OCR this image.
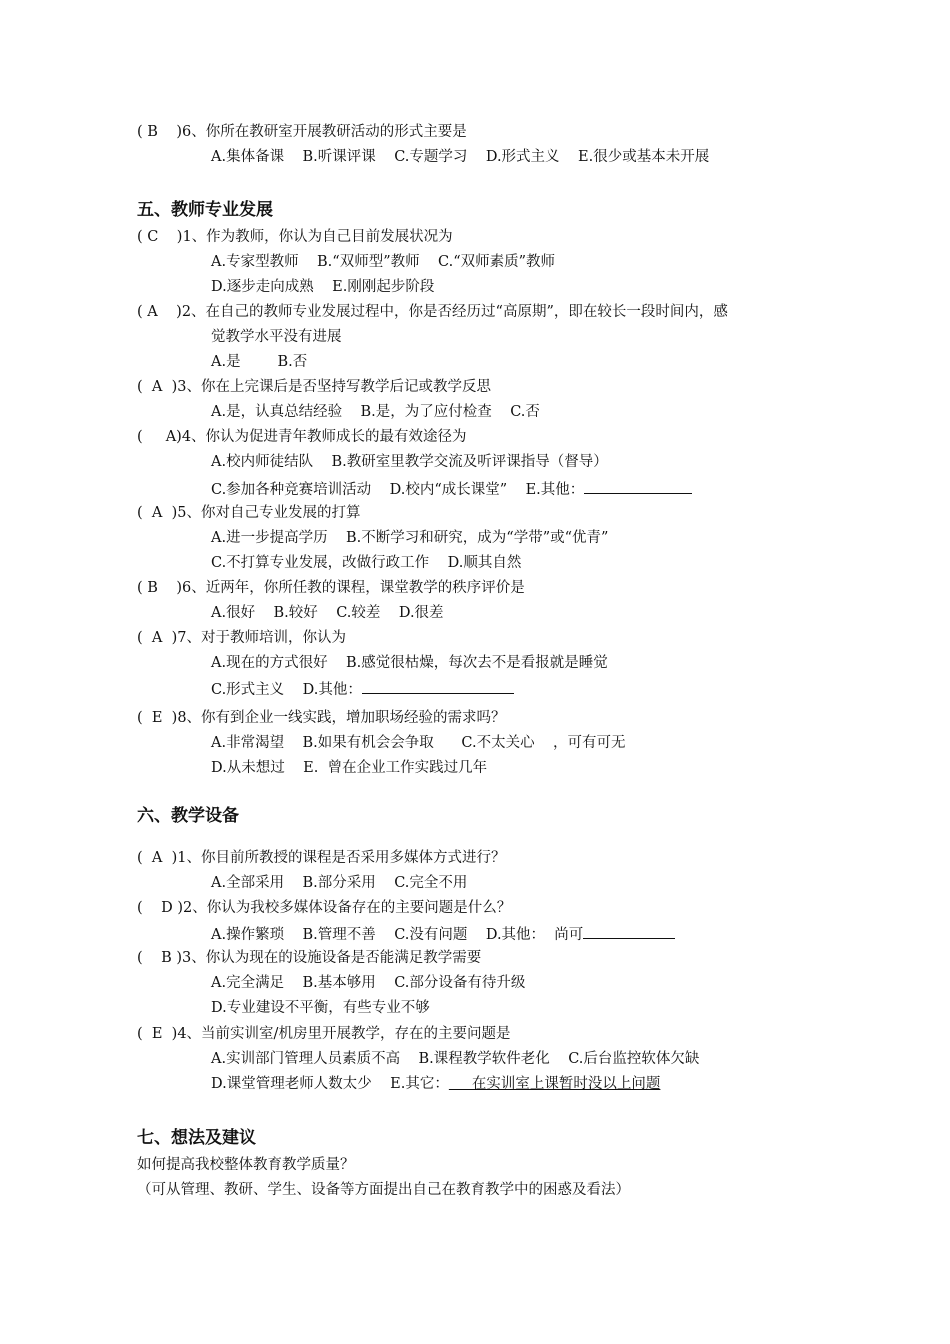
( B    )6、你所在教研室开展教研活动的形式主要是
A.集体备课    B.听课评课    C.专题学习    D.形式主义    E.很少或基本未开展
五、教师专业发展
( C    )1、作为教师，你认为自己目前发展状况为
A.专家型教师    B.“双师型”教师    C.“双师素质”教师
D.逐步走向成熟    E.刚刚起步阶段
( A    )2、在自己的教师专业发展过程中，你是否经历过“高原期”，即在较长一段时间内，感
觉教学水平没有进展
A.是        B.否
(  A  )3、你在上完课后是否坚持写教学后记或教学反思
A.是，认真总结经验    B.是，为了应付检查    C.否
(     A)4、你认为促进青年教师成长的最有效途径为
A.校内师徒结队    B.教研室里教学交流及听评课指导（督导）
C.参加各种竞赛培训活动    D.校内“成长课堂”    E.其他：
(  A  )5、你对自己专业发展的打算
A.进一步提高学历    B.不断学习和研究，成为“学带”或“优青”
C.不打算专业发展，改做行政工作    D.顺其自然
( B    )6、近两年，你所任教的课程，课堂教学的秩序评价是
A.很好    B.较好    C.较差    D.很差
(  A  )7、对于教师培训，你认为
A.现在的方式很好    B.感觉很枯燥，每次去不是看报就是睡觉
C.形式主义    D.其他：
(  E  )8、你有到企业一线实践，增加职场经验的需求吗？
A.非常渴望    B.如果有机会会争取      C.不太关心    ，可有可无
D.从未想过    E.  曾在企业工作实践过几年
六、教学设备
(  A  )1、你目前所教授的课程是否采用多媒体方式进行？
A.全部采用    B.部分采用    C.完全不用
(    D )2、你认为我校多媒体设备存在的主要问题是什么？
A.操作繁琐    B.管理不善    C.没有问题    D.其他：  尚可
(    B )3、你认为现在的设施设备是否能满足教学需要
A.完全满足    B.基本够用    C.部分设备有待升级
D.专业建设不平衡，有些专业不够
(  E  )4、当前实训室/机房里开展教学，存在的主要问题是
A.实训部门管理人员素质不高    B.课程教学软件老化    C.后台监控软体欠缺
D.课堂管理老师人数太少    E.其它：     在实训室上课暂时没以上问题
七、想法及建议
如何提高我校整体教育教学质量？
（可从管理、教研、学生、设备等方面提出自己在教育教学中的困惑及看法）
